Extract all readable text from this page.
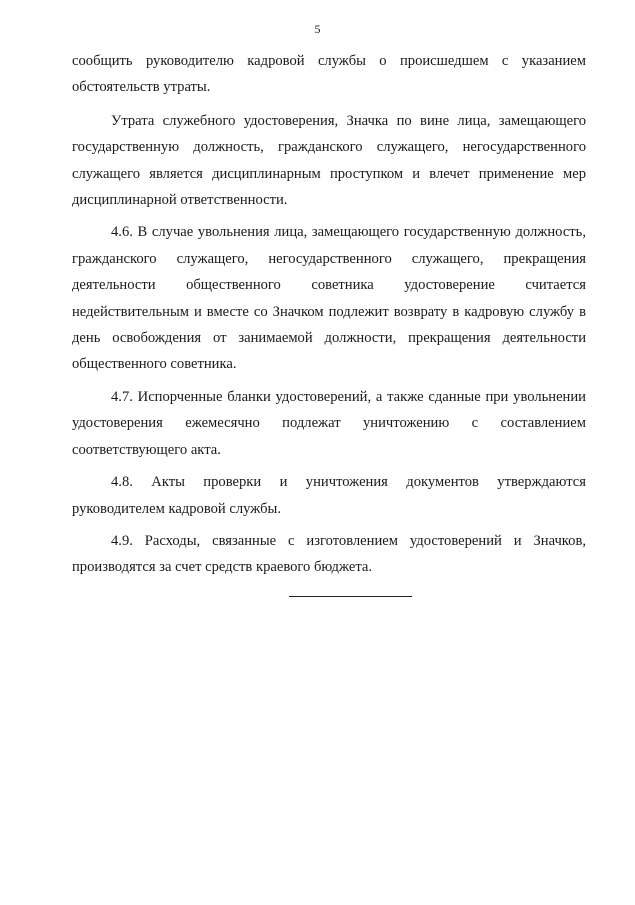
5

сообщить руководителю кадровой службы о происшедшем с указанием обстоятельств утраты.

Утрата служебного удостоверения, Значка по вине лица, замещающего государственную должность, гражданского служащего, негосударственного служащего является дисциплинарным проступком и влечет применение мер дисциплинарной ответственности.

4.6. В случае увольнения лица, замещающего государственную должность, гражданского служащего, негосударственного служащего, прекращения деятельности общественного советника удостоверение считается недействительным и вместе со Значком подлежит возврату в кадровую службу в день освобождения от занимаемой должности, прекращения деятельности общественного советника.

4.7. Испорченные бланки удостоверений, а также сданные при увольнении удостоверения ежемесячно подлежат уничтожению с составлением соответствующего акта.

4.8. Акты проверки и уничтожения документов утверждаются руководителем кадровой службы.

4.9. Расходы, связанные с изготовлением удостоверений и Значков, производятся за счет средств краевого бюджета.
